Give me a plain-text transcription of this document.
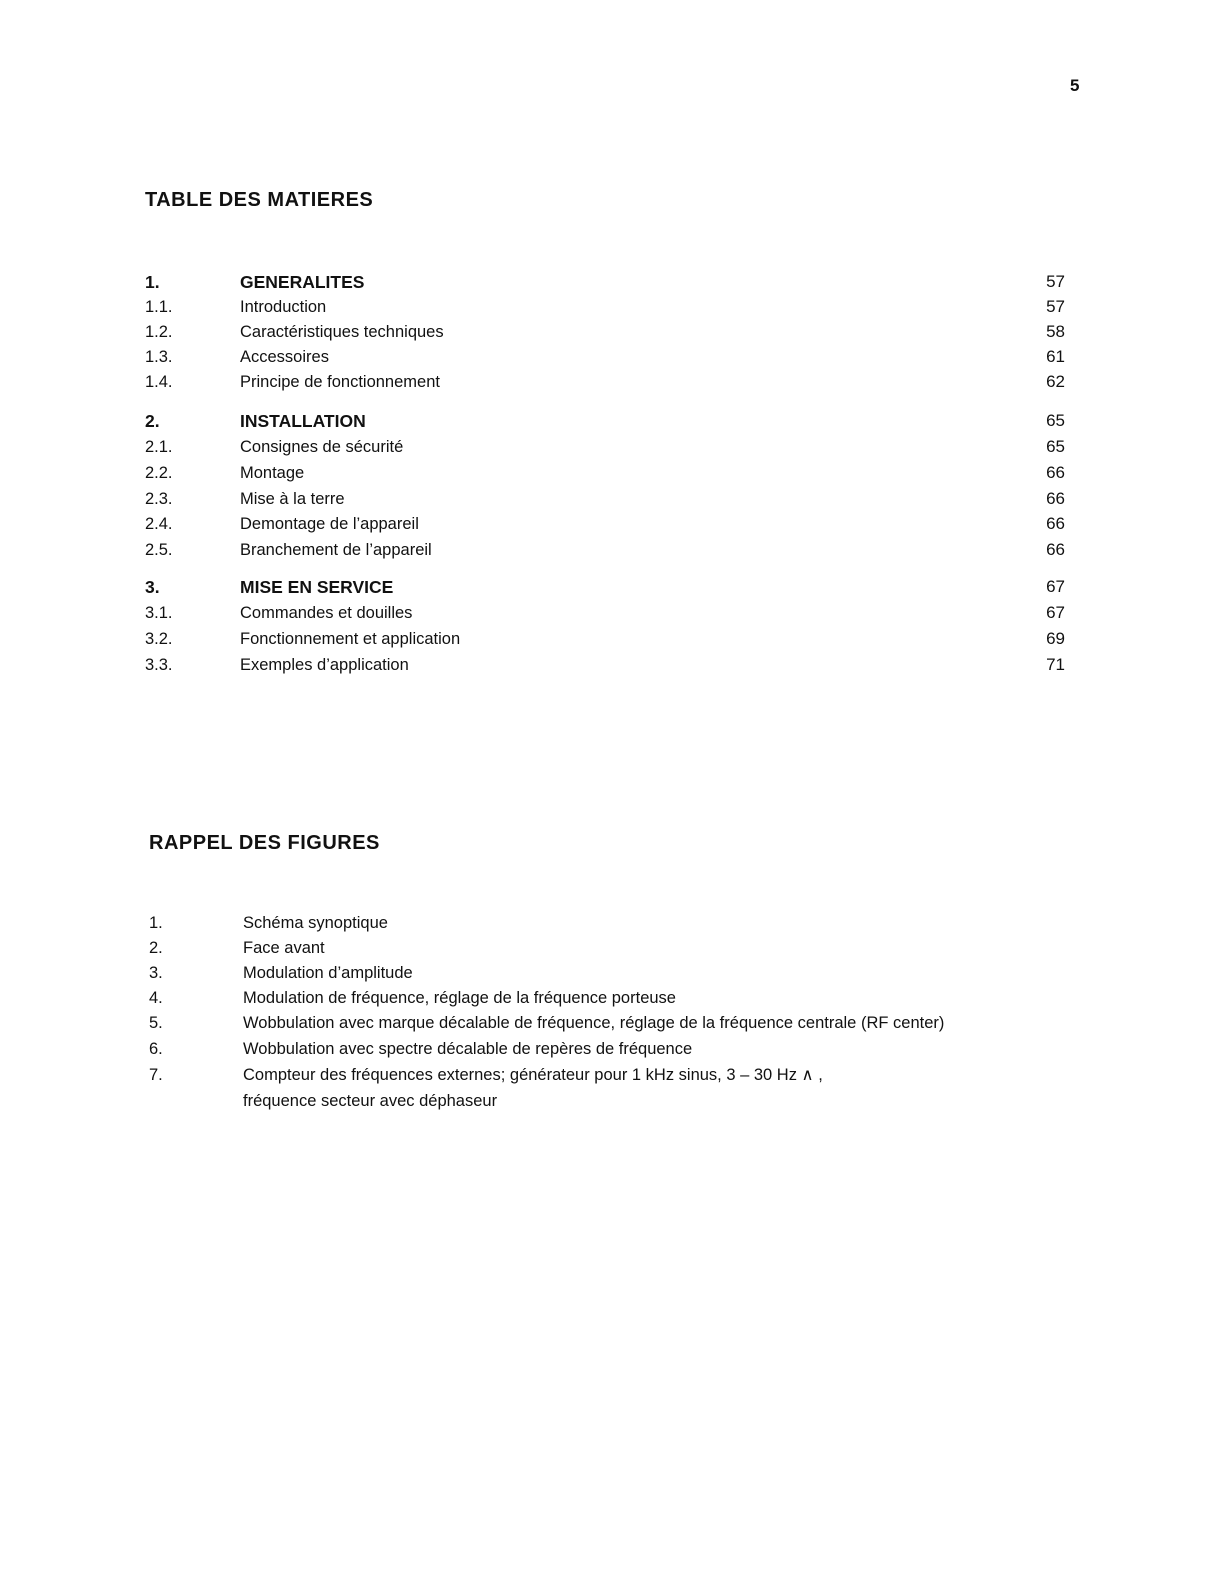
5
TABLE DES MATIERES
1.	GENERALITES	57
1.1.	Introduction	57
1.2.	Caractéristiques techniques	58
1.3.	Accessoires	61
1.4.	Principe de fonctionnement	62
2.	INSTALLATION	65
2.1.	Consignes de sécurité	65
2.2.	Montage	66
2.3.	Mise à la terre	66
2.4.	Demontage de l’appareil	66
2.5.	Branchement de l’appareil	66
3.	MISE EN SERVICE	67
3.1.	Commandes et douilles	67
3.2.	Fonctionnement et application	69
3.3.	Exemples d’application	71
RAPPEL DES FIGURES
1.	Schéma synoptique
2.	Face avant
3.	Modulation d’amplitude
4.	Modulation de fréquence, réglage de la fréquence porteuse
5.	Wobbulation avec marque décalable de fréquence, réglage de la fréquence centrale (RF center)
6.	Wobbulation avec spectre décalable de repères de fréquence
7.	Compteur des fréquences externes; générateur pour 1 kHz sinus, 3 – 30 Hz ∧ ,
fréquence secteur avec déphaseur
